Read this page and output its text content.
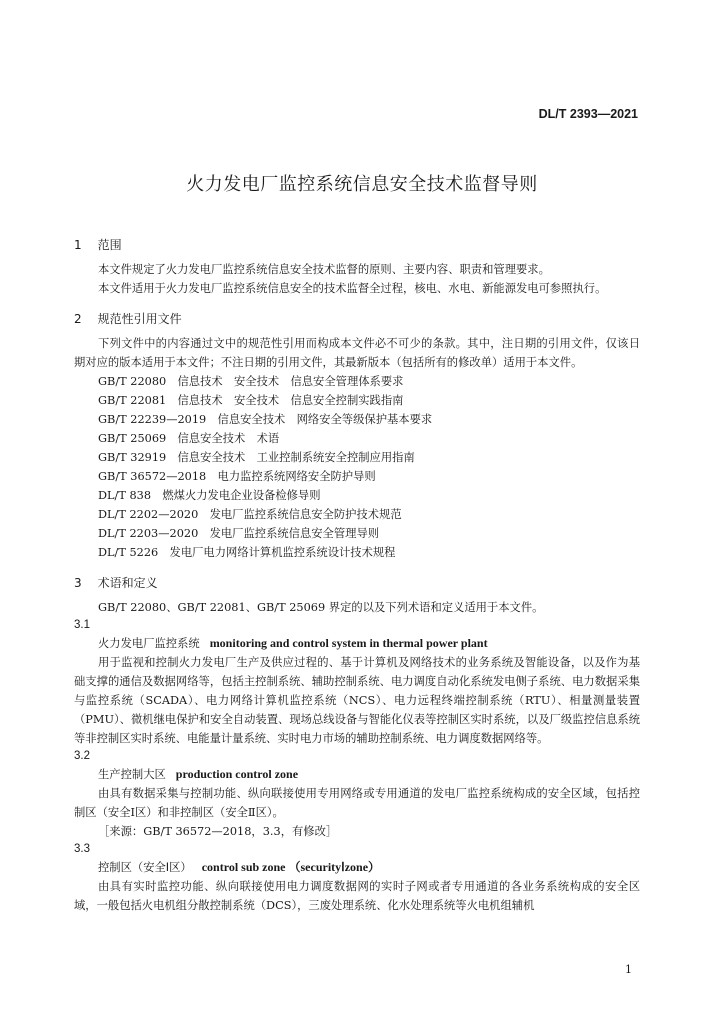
DL/T 2393—2021
火力发电厂监控系统信息安全技术监督导则
1 范围

本文件规定了火力发电厂监控系统信息安全技术监督的原则、主要内容、职责和管理要求。

本文件适用于火力发电厂监控系统信息安全的技术监督全过程，核电、水电、新能源发电可参照执行。

2 规范性引用文件

下列文件中的内容通过文中的规范性引用而构成本文件必不可少的条款。其中，注日期的引用文件，仅该日期对应的版本适用于本文件；不注日期的引用文件，其最新版本（包括所有的修改单）适用于本文件。

GB/T 22080　信息技术　安全技术　信息安全管理体系要求

GB/T 22081　信息技术　安全技术　信息安全控制实践指南

GB/T 22239—2019　信息安全技术　网络安全等级保护基本要求

GB/T 25069　信息安全技术　术语

GB/T 32919　信息安全技术　工业控制系统安全控制应用指南

GB/T 36572—2018　电力监控系统网络安全防护导则

DL/T 838　燃煤火力发电企业设备检修导则

DL/T 2202—2020　发电厂监控系统信息安全防护技术规范

DL/T 2203—2020　发电厂监控系统信息安全管理导则

DL/T 5226　发电厂电力网络计算机监控系统设计技术规程

3 术语和定义

GB/T 22080、GB/T 22081、GB/T 25069 界定的以及下列术语和定义适用于本文件。

3.1

火力发电厂监控系统 monitoring and control system in thermal power plant

用于监视和控制火力发电厂生产及供应过程的、基于计算机及网络技术的业务系统及智能设备，以及作为基础支撑的通信及数据网络等，包括主控制系统、辅助控制系统、电力调度自动化系统发电侧子系统、电力数据采集与监控系统（SCADA）、电力网络计算机监控系统（NCS）、电力远程终端控制系统（RTU）、相量测量装置（PMU）、微机继电保护和安全自动装置、现场总线设备与智能化仪表等控制区实时系统，以及厂级监控信息系统等非控制区实时系统、电能量计量系统、实时电力市场的辅助控制系统、电力调度数据网络等。

3.2

生产控制大区 production control zone

由具有数据采集与控制功能、纵向联接使用专用网络或专用通道的发电厂监控系统构成的安全区域，包括控制区（安全Ⅰ区）和非控制区（安全Ⅱ区）。

［来源：GB/T 36572—2018，3.3，有修改］

3.3

控制区（安全Ⅰ区） control sub zone （securityⅠzone）

由具有实时监控功能、纵向联接使用电力调度数据网的实时子网或者专用通道的各业务系统构成的安全区域，一般包括火电机组分散控制系统（DCS），三废处理系统、化水处理系统等火电机组辅机

1
